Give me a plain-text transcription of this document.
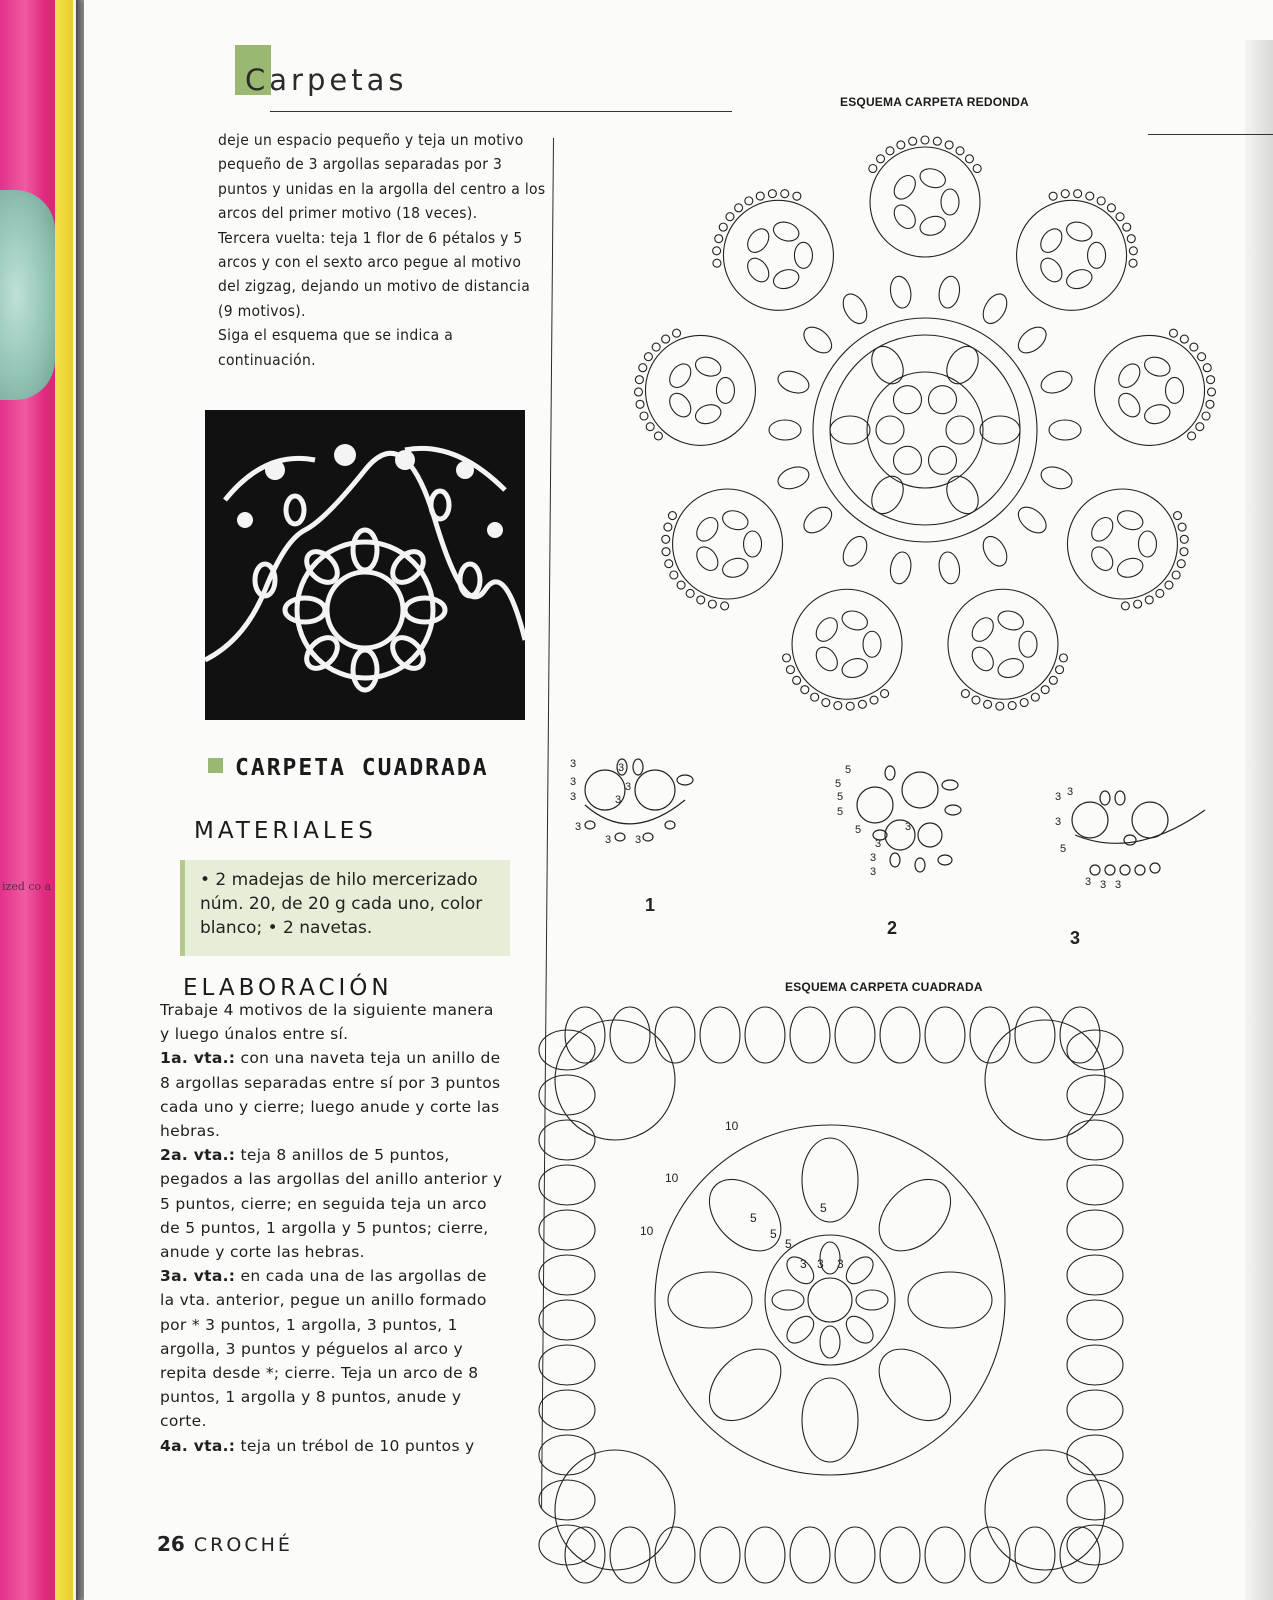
ized co a
Carpetas

deje un espacio pequeño y teja un motivo pequeño de 3 argollas separadas por 3 puntos y unidas en la argolla del centro a los arcos del primer motivo (18 veces).

Tercera vuelta: teja 1 flor de 6 pétalos y 5 arcos y con el sexto arco pegue al motivo del zigzag, dejando un motivo de distancia (9 motivos).

Siga el esquema que se indica a continuación.

CARPETA CUADRADA
MATERIALES
• 2 madejas de hilo mercerizado núm. 20, de 20 g cada uno, color blanco; • 2 navetas.
ELABORACIÓN

Trabaje 4 motivos de la siguiente manera y luego únalos entre sí.

1a. vta.: con una naveta teja un anillo de 8 argollas separadas entre sí por 3 puntos cada uno y cierre; luego anude y corte las hebras.

2a. vta.: teja 8 anillos de 5 puntos, pegados a las argollas del anillo anterior y 5 puntos, cierre; en seguida teja un arco de 5 puntos, 1 argolla y 5 puntos; cierre, anude y corte las hebras.

3a. vta.: en cada una de las argollas de la vta. anterior, pegue un anillo formado por * 3 puntos, 1 argolla, 3 puntos, 1 argolla, 3 puntos y péguelos al arco y repita desde *; cierre. Teja un arco de 8 puntos, 1 argolla y 8 puntos, anude y corte.

4a. vta.: teja un trébol de 10 puntos y

26 CROCHÉ
ESQUEMA CARPETA REDONDA
3
3
3
3
3
3
3
3 3
1
5
5
5
5
5
3
3
3
3
2
3 3
3
5
3 3 3
3
ESQUEMA CARPETA CUADRADA
10
10
10
5
5
5
5
3 3 3
